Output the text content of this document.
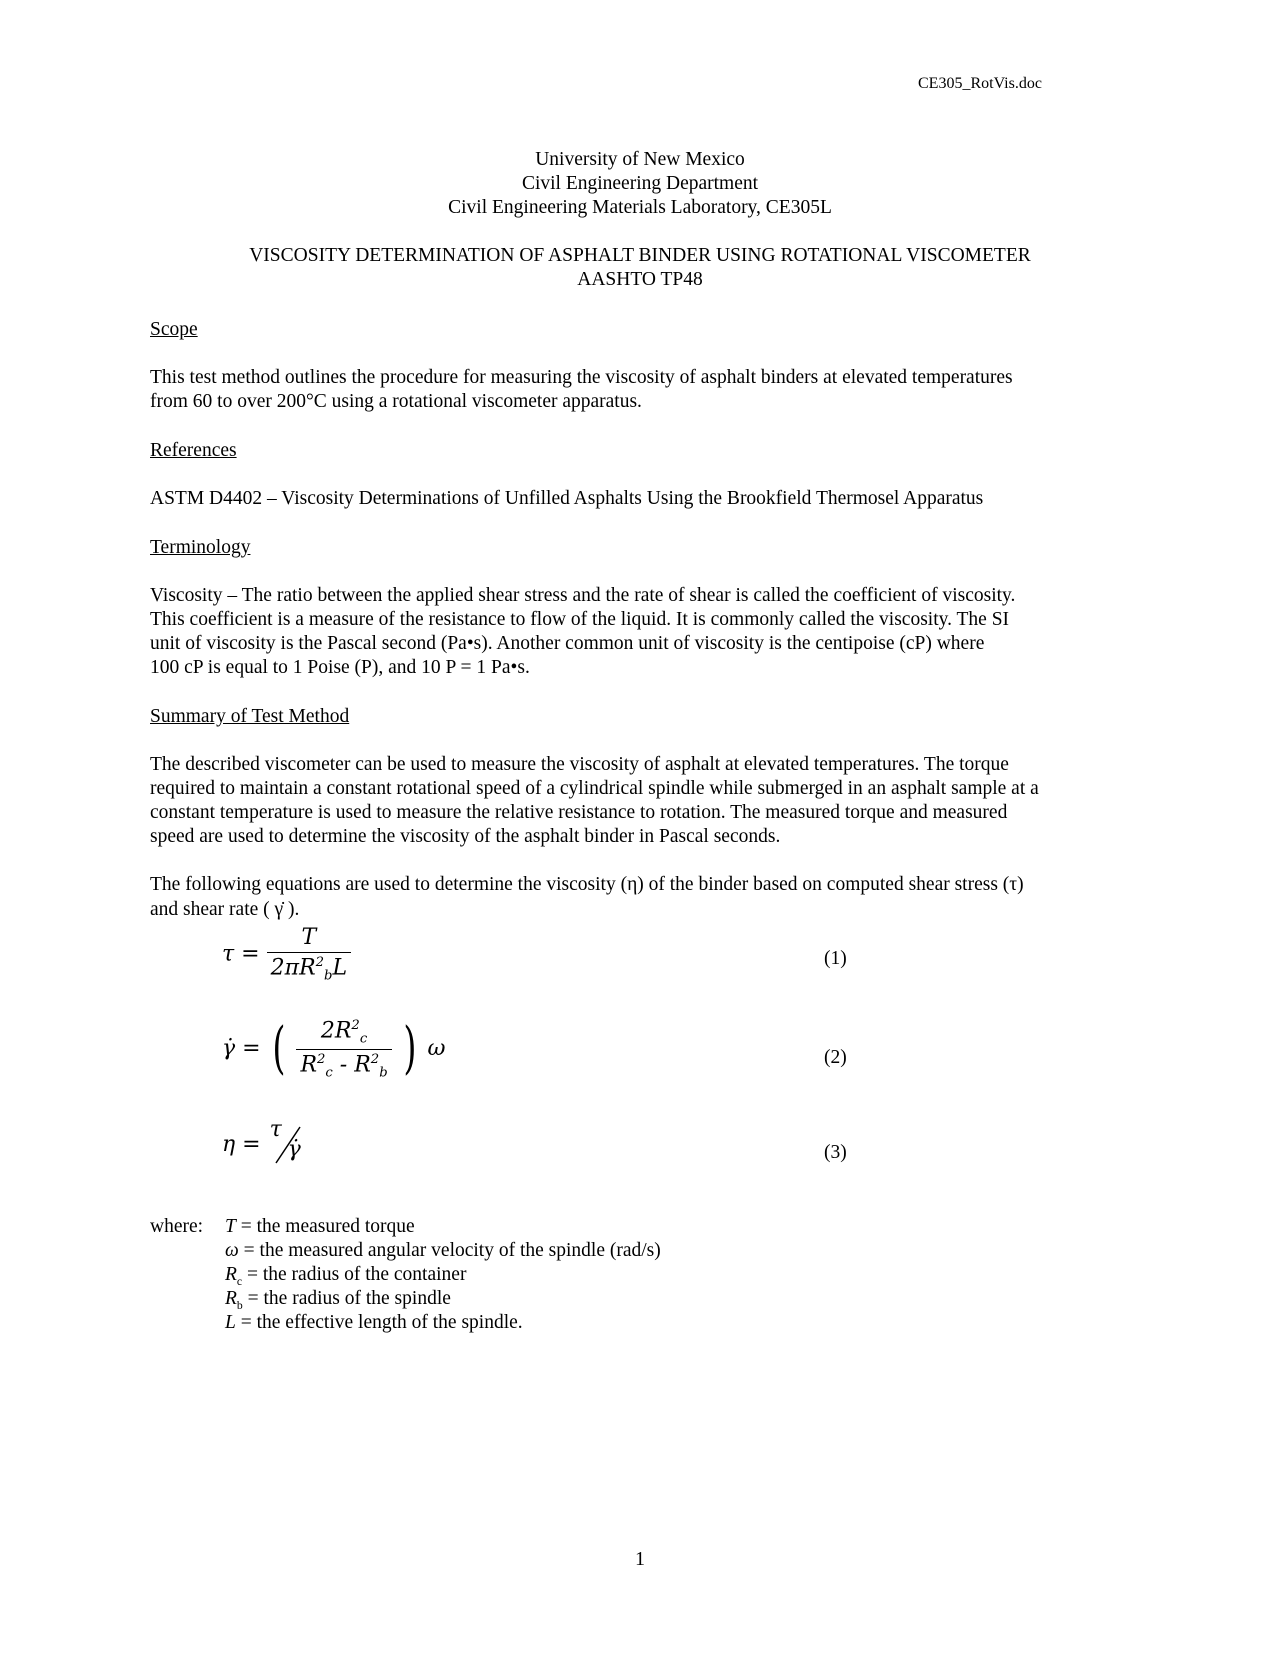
CE305_RotVis.doc
University of New Mexico
Civil Engineering Department
Civil Engineering Materials Laboratory, CE305L
VISCOSITY DETERMINATION OF ASPHALT BINDER USING ROTATIONAL VISCOMETER
AASHTO TP48
Scope
This test method outlines the procedure for measuring the viscosity of asphalt binders at elevated temperatures
from 60 to over 200°C using a rotational viscometer apparatus.
References
ASTM D4402 – Viscosity Determinations of Unfilled Asphalts Using the Brookfield Thermosel Apparatus
Terminology
Viscosity – The ratio between the applied shear stress and the rate of shear is called the coefficient of viscosity.
This coefficient is a measure of the resistance to flow of the liquid. It is commonly called the viscosity. The SI
unit of viscosity is the Pascal second (Pa•s). Another common unit of viscosity is the centipoise (cP) where
100 cP is equal to 1 Poise (P), and 10 P = 1 Pa•s.
Summary of Test Method
The described viscometer can be used to measure the viscosity of asphalt at elevated temperatures. The torque
required to maintain a constant rotational speed of a cylindrical spindle while submerged in an asphalt sample at a
constant temperature is used to measure the relative resistance to rotation. The measured torque and measured
speed are used to determine the viscosity of the asphalt binder in Pascal seconds.
The following equations are used to determine the viscosity (η) of the binder based on computed shear stress (τ)
and shear rate ( γ̇ ).
$\tau = \frac{T}{2\pi R^2_bL}$	(1)
γ̇ = ( $\frac{2R^2_c}{R^2_c - R^2_b}$ ) ω	(2)
η =
τ
γ̇	(3)
where: T = the measured torque
ω = the measured angular velocity of the spindle (rad/s)
$R_c$ = the radius of the container
$R_b$ = the radius of the spindle
L = the effective length of the spindle.
1
